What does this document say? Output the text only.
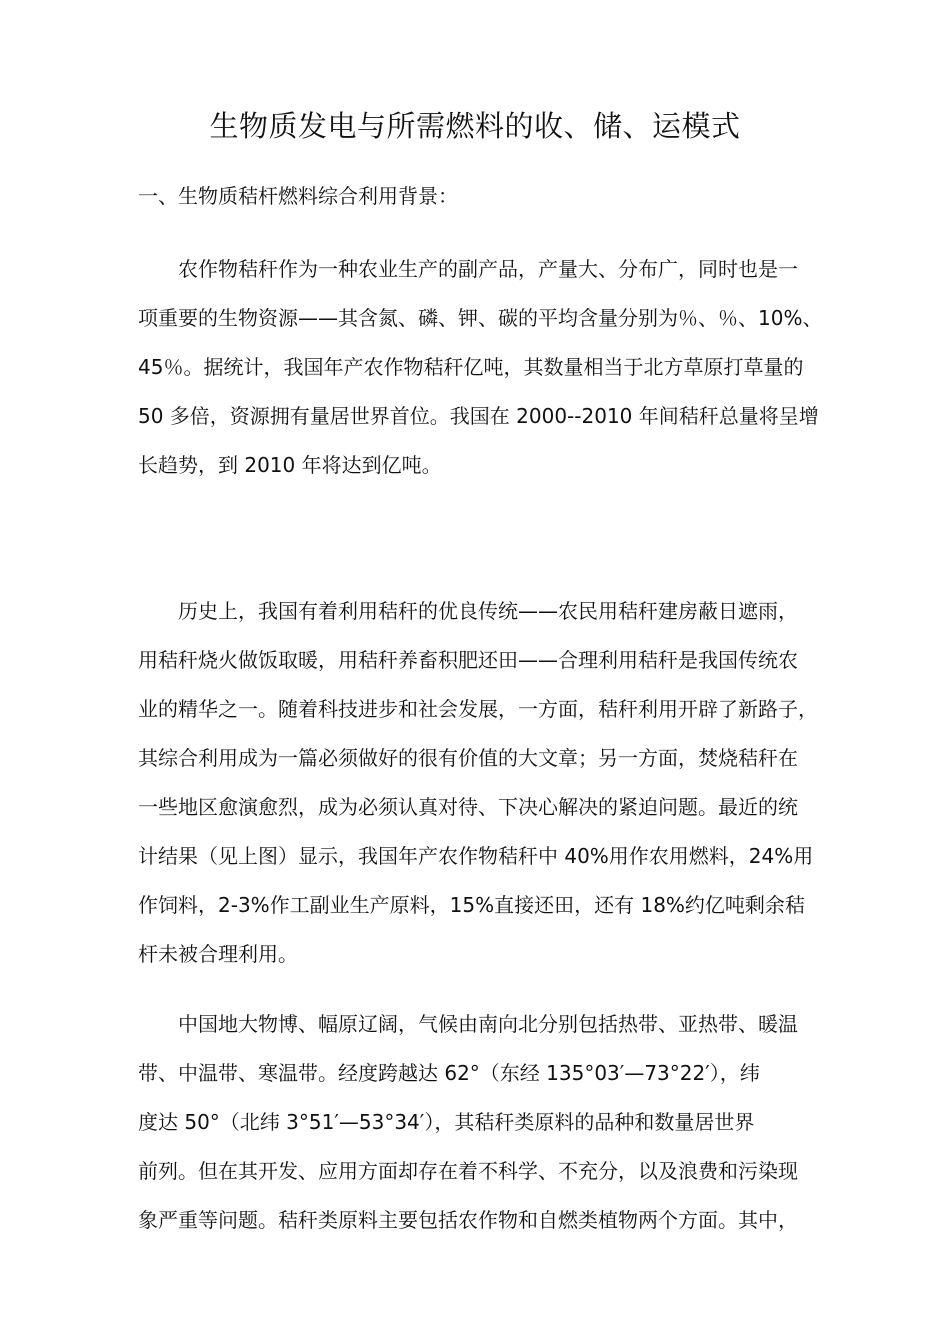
生物质发电与所需燃料的收、储、运模式
一、生物质秸杆燃料综合利用背景：
农作物秸秆作为一种农业生产的副产品，产量大、分布广，同时也是一
项重要的生物资源——其含氮、磷、钾、碳的平均含量分别为％、％、10%、
45％。据统计，我国年产农作物秸秆亿吨，其数量相当于北方草原打草量的
50 多倍，资源拥有量居世界首位。我国在 2000--2010 年间秸秆总量将呈增
长趋势，到 2010 年将达到亿吨。
历史上，我国有着利用秸秆的优良传统——农民用秸秆建房蔽日遮雨，
用秸秆烧火做饭取暖，用秸秆养畜积肥还田——合理利用秸秆是我国传统农
业的精华之一。随着科技进步和社会发展，一方面，秸秆利用开辟了新路子，
其综合利用成为一篇必须做好的很有价值的大文章；另一方面，焚烧秸秆在
一些地区愈演愈烈，成为必须认真对待、下决心解决的紧迫问题。最近的统
计结果（见上图）显示，我国年产农作物秸秆中 40%用作农用燃料，24%用
作饲料，2-3%作工副业生产原料，15%直接还田，还有 18%约亿吨剩余秸
杆未被合理利用。
中国地大物博、幅原辽阔，气候由南向北分别包括热带、亚热带、暖温
带、中温带、寒温带。经度跨越达 62°（东经 135°03′—73°22′），纬
度达 50°（北纬 3°51′—53°34′），其秸秆类原料的品种和数量居世界
前列。但在其开发、应用方面却存在着不科学、不充分，以及浪费和污染现
象严重等问题。秸秆类原料主要包括农作物和自燃类植物两个方面。其中，
